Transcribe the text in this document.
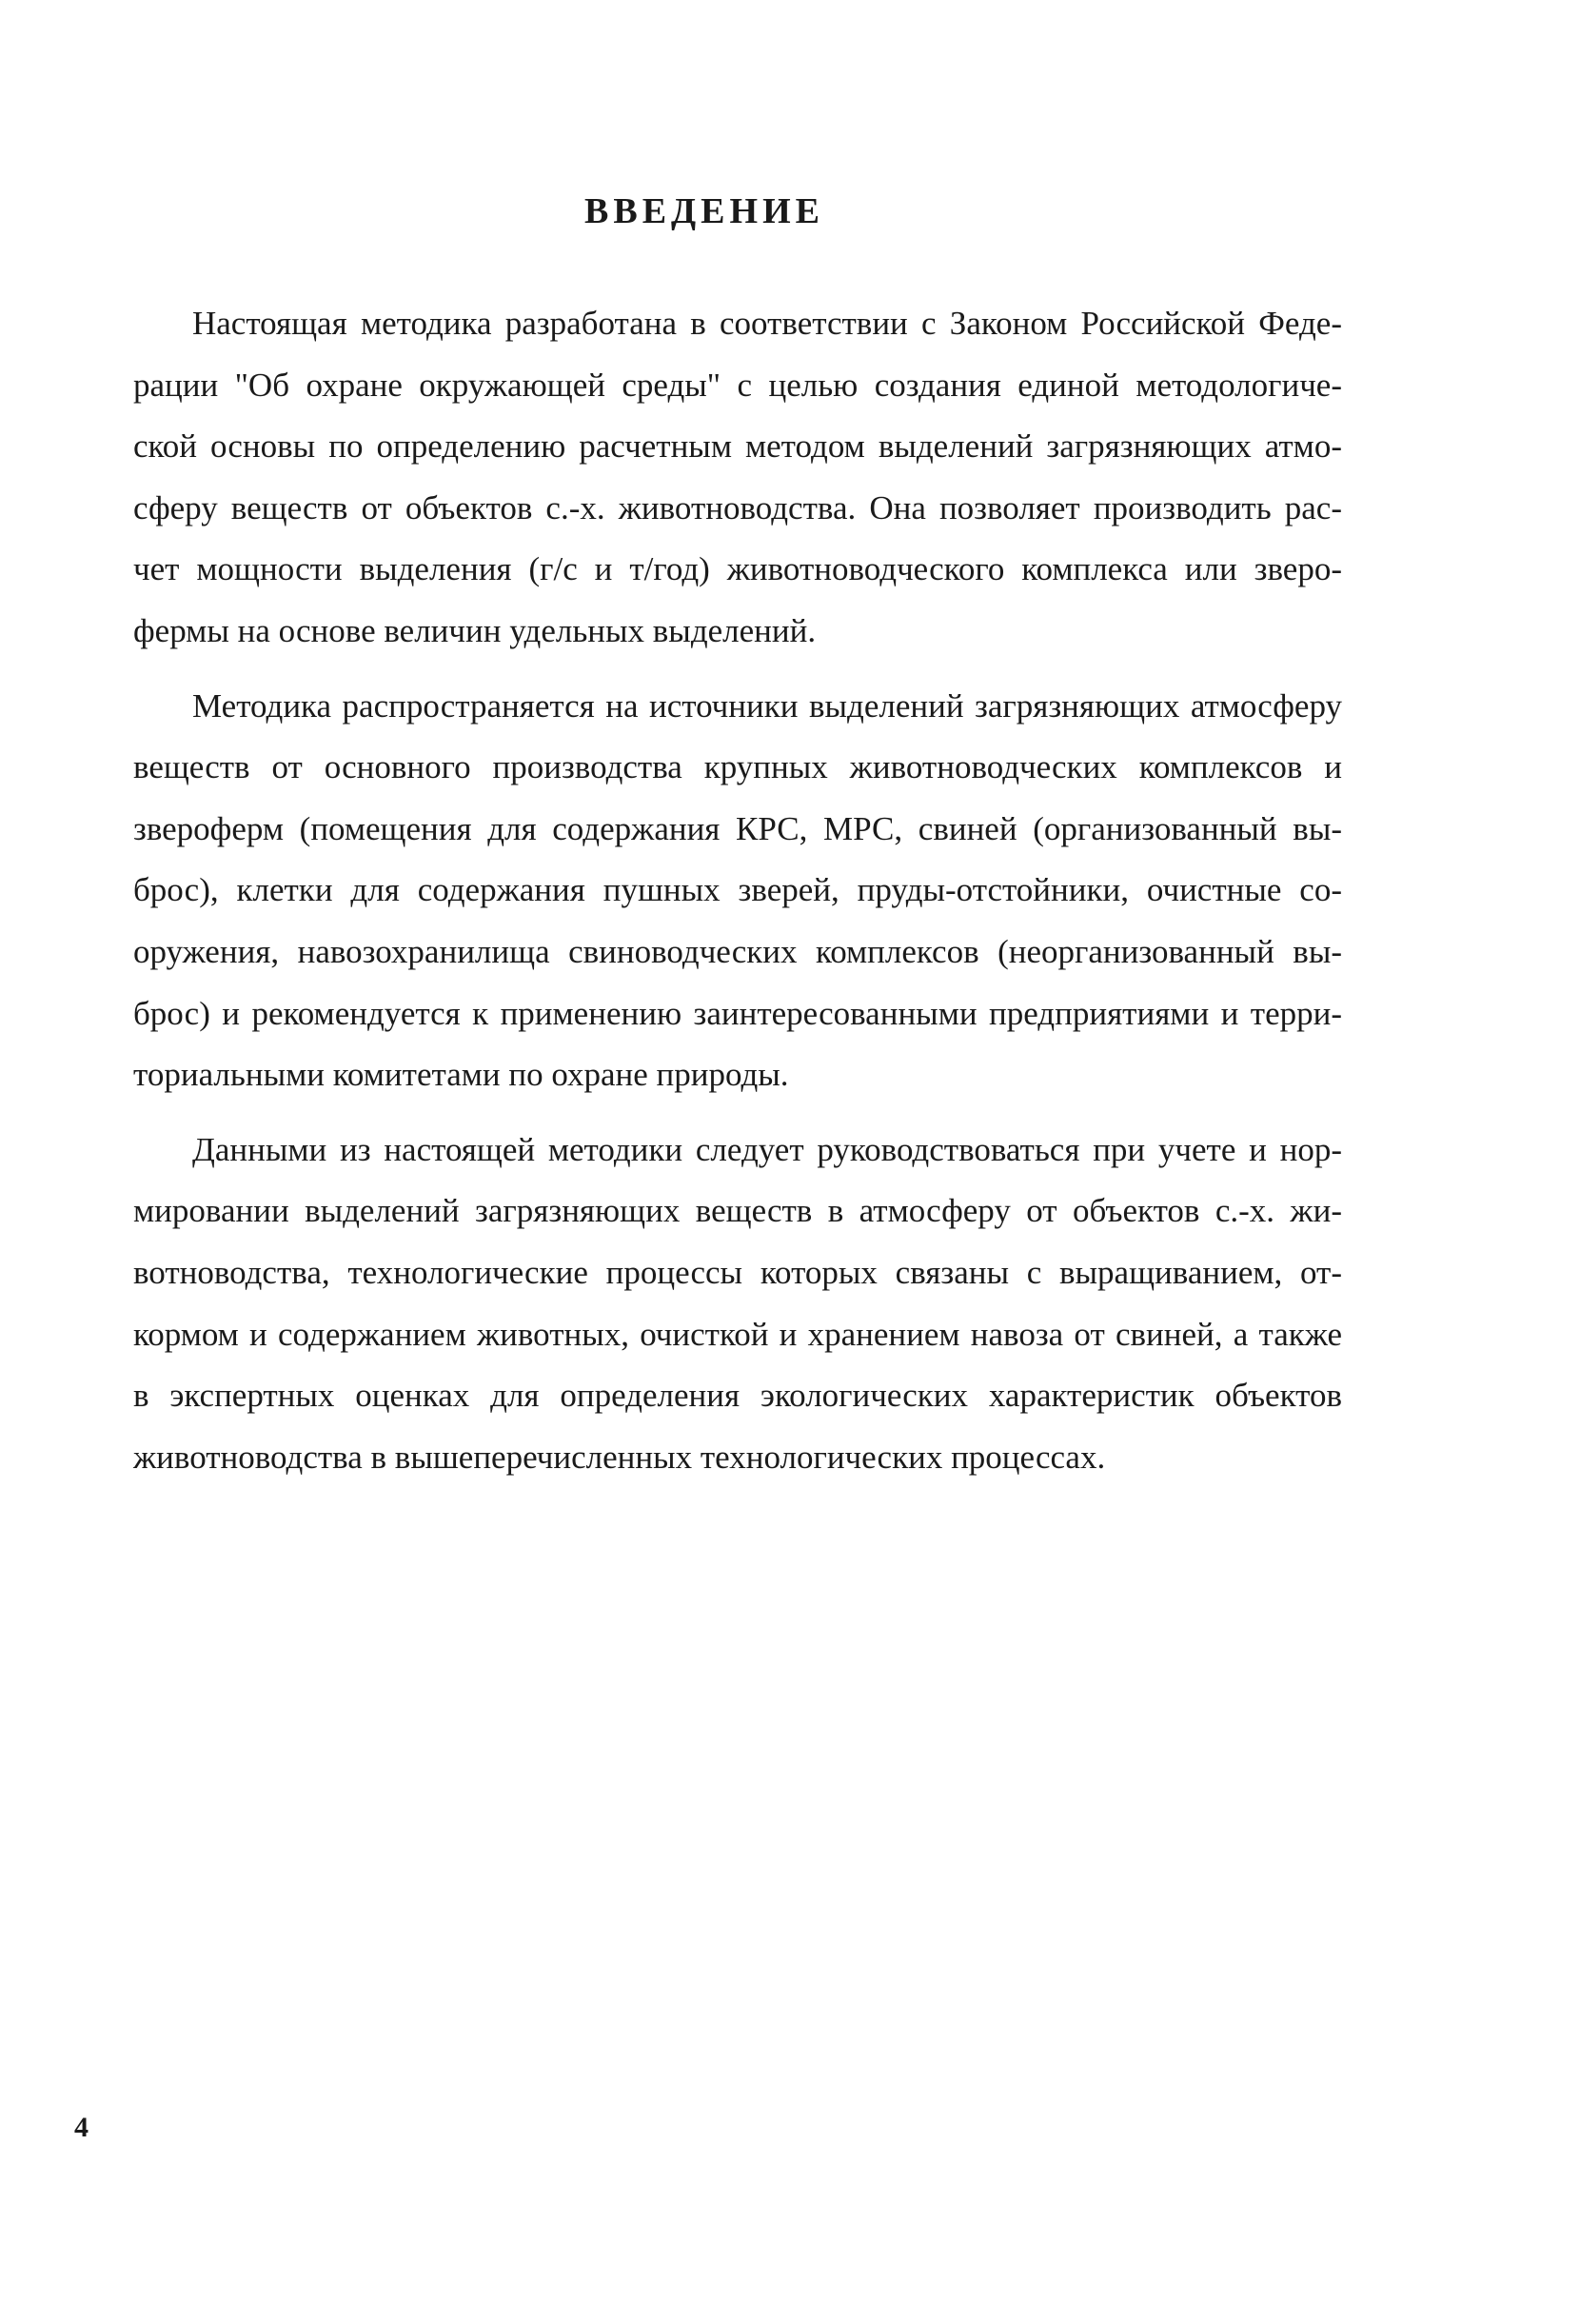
ВВЕДЕНИЕ
Настоящая методика разработана в соответствии с Законом Российской Феде-
рации "Об охране окружающей среды" с целью создания единой методологиче-
ской основы по определению расчетным методом выделений загрязняющих атмо-
сферу веществ от объектов с.-х. животноводства. Она позволяет производить рас-
чет мощности выделения (г/с и т/год) животноводческого комплекса или зверо-
фермы на основе величин удельных выделений.
Методика распространяется на источники выделений загрязняющих атмосферу
веществ от основного производства крупных животноводческих комплексов и
звероферм (помещения для содержания КРС, МРС, свиней (организованный вы-
брос), клетки для содержания пушных зверей, пруды-отстойники, очистные со-
оружения, навозохранилища свиноводческих комплексов (неорганизованный вы-
брос) и рекомендуется к применению заинтересованными предприятиями и терри-
ториальными комитетами по охране природы.
Данными из настоящей методики следует руководствоваться при учете и нор-
мировании выделений загрязняющих веществ в атмосферу от объектов с.-х. жи-
вотноводства, технологические процессы которых связаны с выращиванием, от-
кормом и содержанием животных, очисткой и хранением навоза от свиней, а также
в экспертных оценках для определения экологических характеристик объектов
животноводства в вышеперечисленных технологических процессах.
4
